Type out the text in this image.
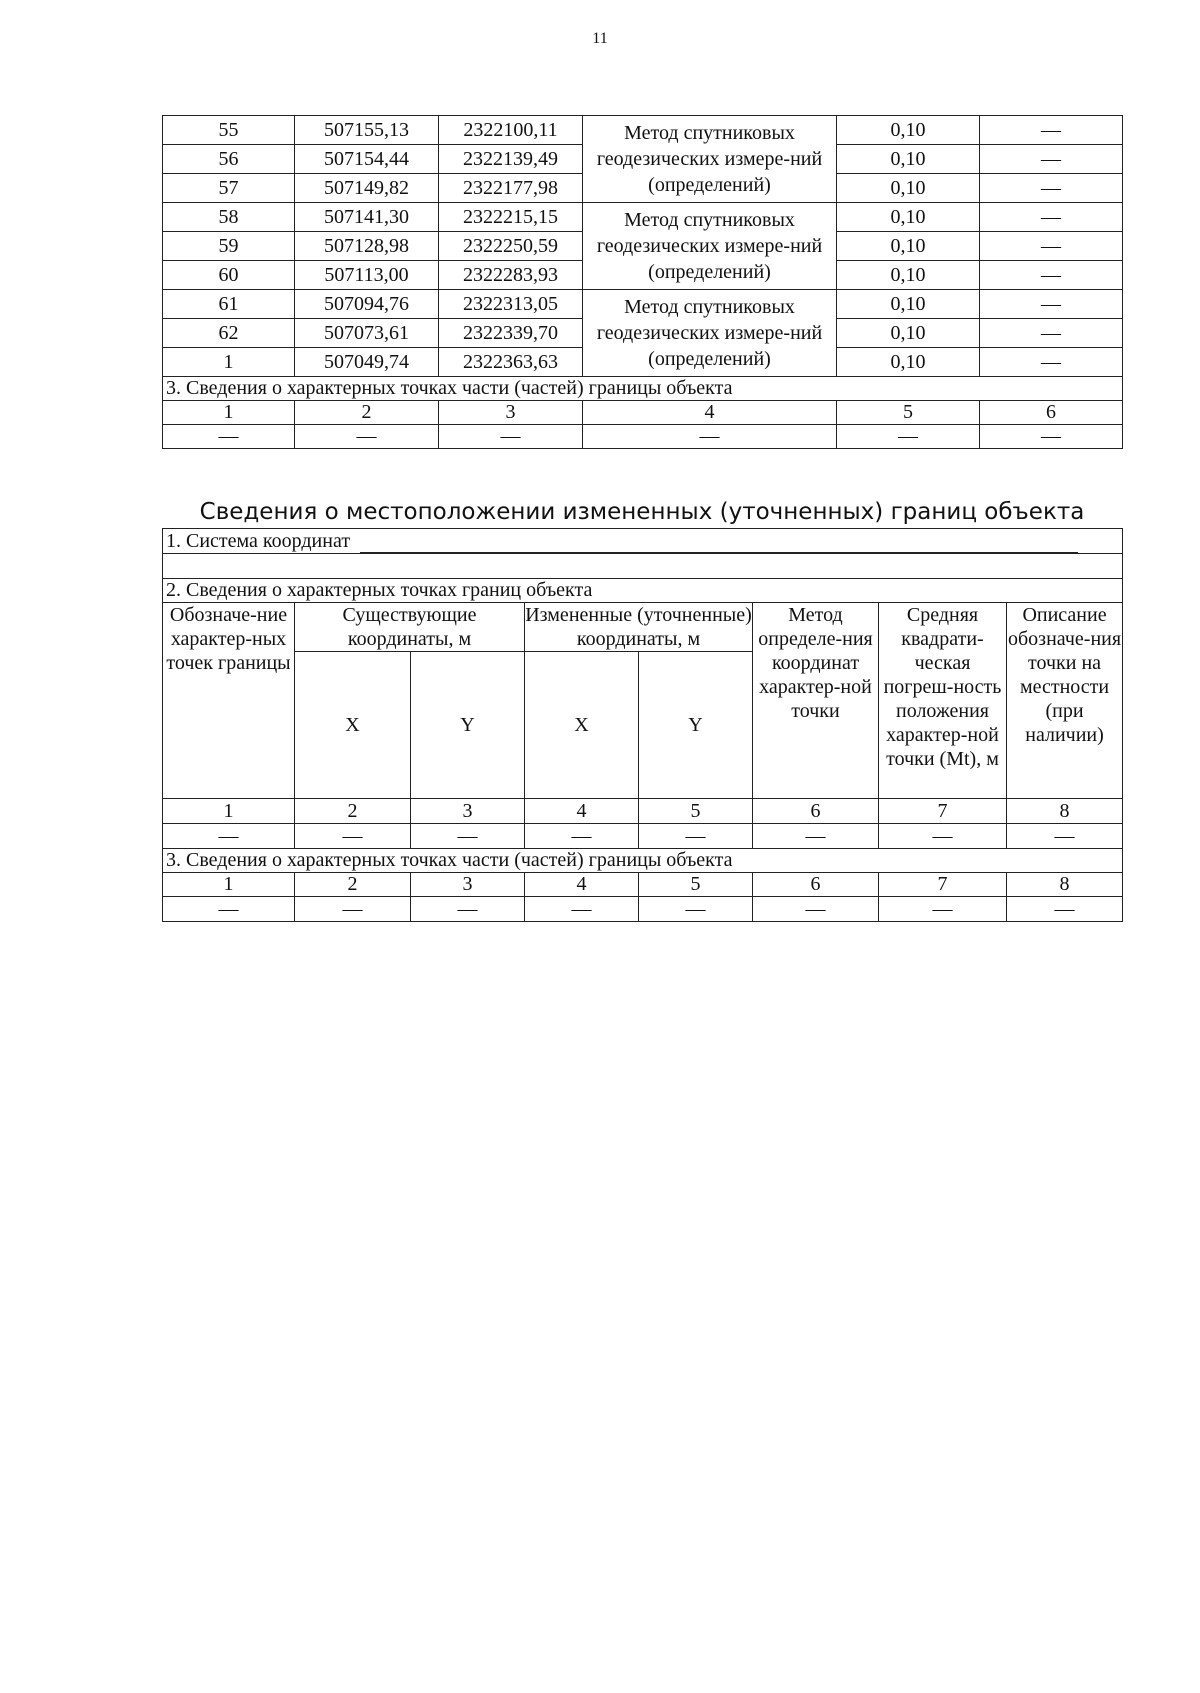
11
55	507155,13	2322100,11	Метод спутниковых геодезических измере-ний (определений)	0,10	—
56	507154,44	2322139,49		0,10	—
57	507149,82	2322177,98		0,10	—
58	507141,30	2322215,15	Метод спутниковых геодезических измере-ний (определений)	0,10	—
59	507128,98	2322250,59		0,10	—
60	507113,00	2322283,93		0,10	—
61	507094,76	2322313,05	Метод спутниковых геодезических измере-ний (определений)	0,10	—
62	507073,61	2322339,70		0,10	—
1	507049,74	2322363,63		0,10	—
3. Сведения о характерных точках части (частей) границы объекта					
1	2	3	4	5	6
—	—	—	—	—	—
Сведения о местоположении измененных (уточненных) границ объекта
1. Система координат							

2. Сведения о характерных точках границ объекта							
Обозначе-ние характер-ных точек границы	Существующие координаты, м		Измененные (уточненные) координаты, м		Метод определе-ния координат характер-ной точки	Средняя квадрати-ческая погреш-ность положения характер-ной точки (Mt), м	Описание обозначе-ния точки на местности (при наличии)
	X	Y	X	Y			
1	2	3	4	5	6	7	8
—	—	—	—	—	—	—	—
3. Сведения о характерных точках части (частей) границы объекта							
1	2	3	4	5	6	7	8
—	—	—	—	—	—	—	—
